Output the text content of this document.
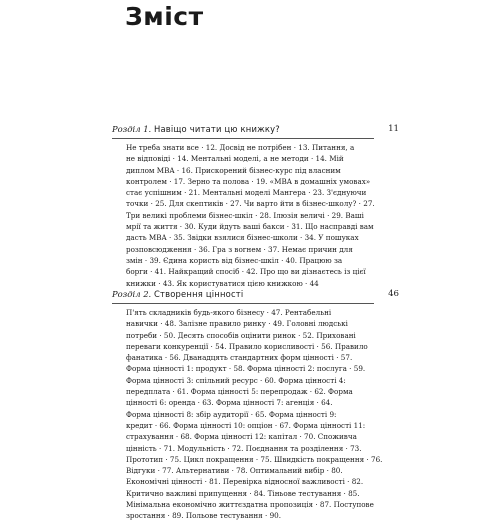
Зміст
Розділ 1. Навіщо читати цю книжку?	11
Не треба знати все · 12. Досвід не потрібен · 13. Питання, а
не відповіді · 14. Ментальні моделі, а не методи · 14. Мій
диплом MBA · 16. Прискорений бізнес-курс під власним
контролем · 17. Зерно та полова · 19. «MBA в домашніх умовах»
стає успішним · 21. Ментальні моделі Мангера · 23. З'єднуючи
точки · 25. Для скептиків · 27. Чи варто йти в бізнес-школу? · 27.
Три великі проблеми бізнес-шкіл · 28. Ілюзія величі · 29. Ваші
мрії та життя · 30. Куди йдуть ваші бакси · 31. Що насправді вам
дасть MBA · 35. Звідки взялися бізнес-школи · 34. У пошуках
розповсюдження · 36. Гра з вогнем · 37. Немає причин для
змін · 39. Єдина користь від бізнес-шкіл · 40. Працюю за
борги · 41. Найкращий спосіб · 42. Про що ви дізнаєтесь із цієї
книжки · 43. Як користуватися цією книжкою · 44
Розділ 2. Створення цінності	46
П'ять складників будь-якого бізнесу · 47. Рентабельні
навички · 48. Залізне правило ринку · 49. Головні людські
потреби · 50. Десять способів оцінити ринок · 52. Приховані
переваги конкуренції · 54. Правило корисливості · 56. Правило
фанатика · 56. Дванадцять стандартних форм цінності · 57.
Форма цінності 1: продукт · 58. Форма цінності 2: послуга · 59.
Форма цінності 3: спільний ресурс · 60. Форма цінності 4:
передплата · 61. Форма цінності 5: перепродаж · 62. Форма
цінності 6: оренда · 63. Форма цінності 7: агенція · 64.
Форма цінності 8: збір аудиторії · 65. Форма цінності 9:
кредит · 66. Форма цінності 10: опціон · 67. Форма цінності 11:
страхування · 68. Форма цінності 12: капітал · 70. Споживча
цінність · 71. Модульність · 72. Поєднання та розділення · 73.
Прототип · 75. Цикл покращення · 75. Швидкість покращення · 76.
Відгуки · 77. Альтернативи · 78. Оптимальний вибір · 80.
Економічні цінності · 81. Перевірка відносної важливості · 82.
Критично важливі припущення · 84. Тіньове тестування · 85.
Мінімальна економічно життєздатна пропозиція · 87. Поступове
зростання · 89. Польове тестування · 90.
